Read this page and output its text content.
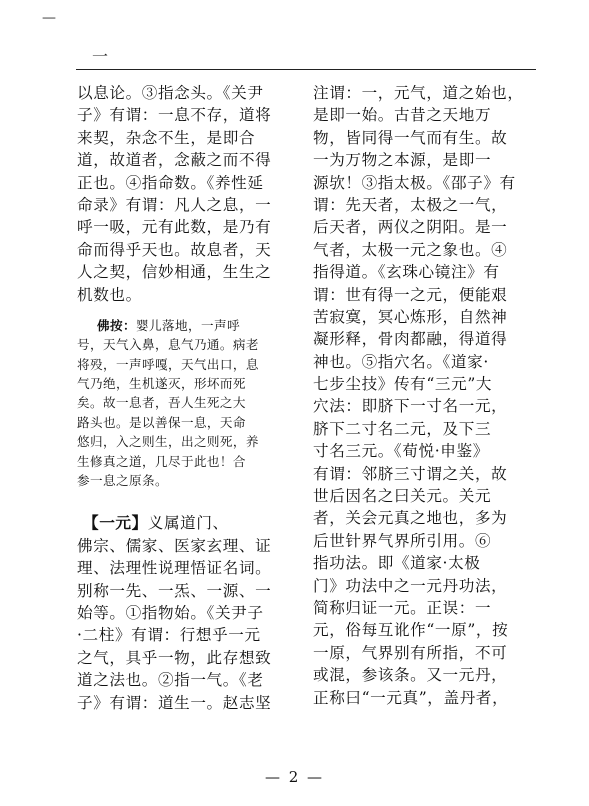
—
一
以息论。③指念头。《关尹
子》有谓：一息不存，道将
来契，杂念不生，是即合
道，故道者，念蔽之而不得
正也。④指命数。《养性延
命录》有谓：凡人之息，一
呼一吸，元有此数，是乃有
命而得乎天也。故息者，天
人之契，信妙相通，生生之
机数也。
佛按：婴儿落地，一声呼
号，天气入鼻，息气乃通。病老
将殁，一声呼嘎，天气出口，息
气乃绝，生机遂灭，形坏而死
矣。故一息者，吾人生死之大
路头也。是以善保一息，天命
悠归，入之则生，出之则死，养
生修真之道，几尽于此也！合
参一息之原条。
【一元】义属道门、
佛宗、儒家、医家玄理、证
理、法理性说理悟证名词。
别称一先、一炁、一源、一
始等。①指物始。《关尹子
·二柱》有谓：行想乎一元
之气，具乎一物，此存想致
道之法也。②指一气。《老
子》有谓：道生一。赵志坚
注谓：一，元气，道之始也，
是即一始。古昔之天地万
物，皆同得一气而有生。故
一为万物之本源，是即一
源欤！③指太极。《邵子》有
谓：先天者，太极之一气，
后天者，两仪之阴阳。是一
气者，太极一元之象也。④
指得道。《玄珠心镜注》有
谓：世有得一之元，便能艰
苦寂寞，冥心炼形，自然神
凝形释，骨肉都融，得道得
神也。⑤指穴名。《道家·
七步尘技》传有“三元”大
穴法：即脐下一寸名一元，
脐下二寸名二元，及下三
寸名三元。《荀悦·申鉴》
有谓：邻脐三寸谓之关，故
世后因名之曰关元。关元
者，关会元真之地也，多为
后世针界气界所引用。⑥
指功法。即《道家·太极
门》功法中之一元丹功法，
简称归证一元。正误：一
元，俗每互讹作“一原”，按
一原，气界别有所指，不可
或混，参该条。又一元丹，
正称曰“一元真”，盖丹者，
— 2 —
